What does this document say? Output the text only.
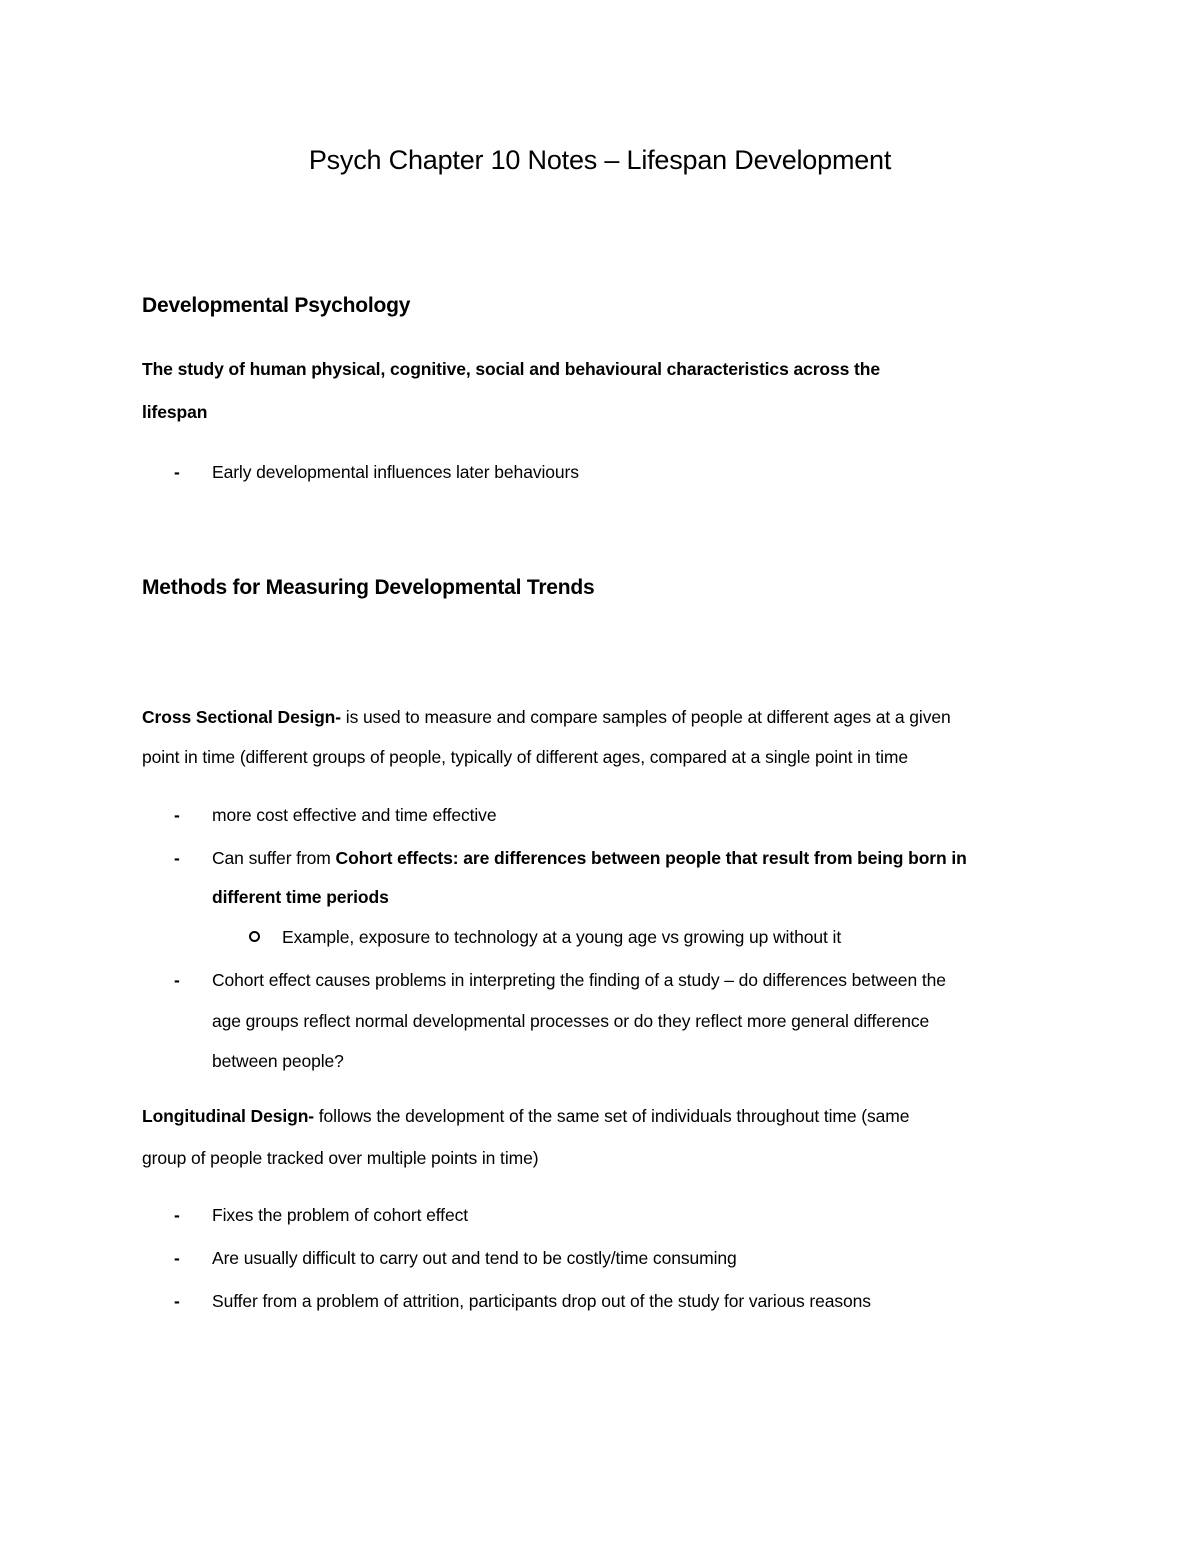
Psych Chapter 10 Notes – Lifespan Development
Developmental Psychology
The study of human physical, cognitive, social and behavioural characteristics across the
lifespan
- Early developmental influences later behaviours
Methods for Measuring Developmental Trends
Cross Sectional Design- is used to measure and compare samples of people at different ages at a given
point in time (different groups of people, typically of different ages, compared at a single point in time
- more cost effective and time effective
- Can suffer from Cohort effects: are differences between people that result from being born in
different time periods
Example, exposure to technology at a young age vs growing up without it
- Cohort effect causes problems in interpreting the finding of a study – do differences between the
age groups reflect normal developmental processes or do they reflect more general difference
between people?
Longitudinal Design- follows the development of the same set of individuals throughout time (same
group of people tracked over multiple points in time)
- Fixes the problem of cohort effect
- Are usually difficult to carry out and tend to be costly/time consuming
- Suffer from a problem of attrition, participants drop out of the study for various reasons
